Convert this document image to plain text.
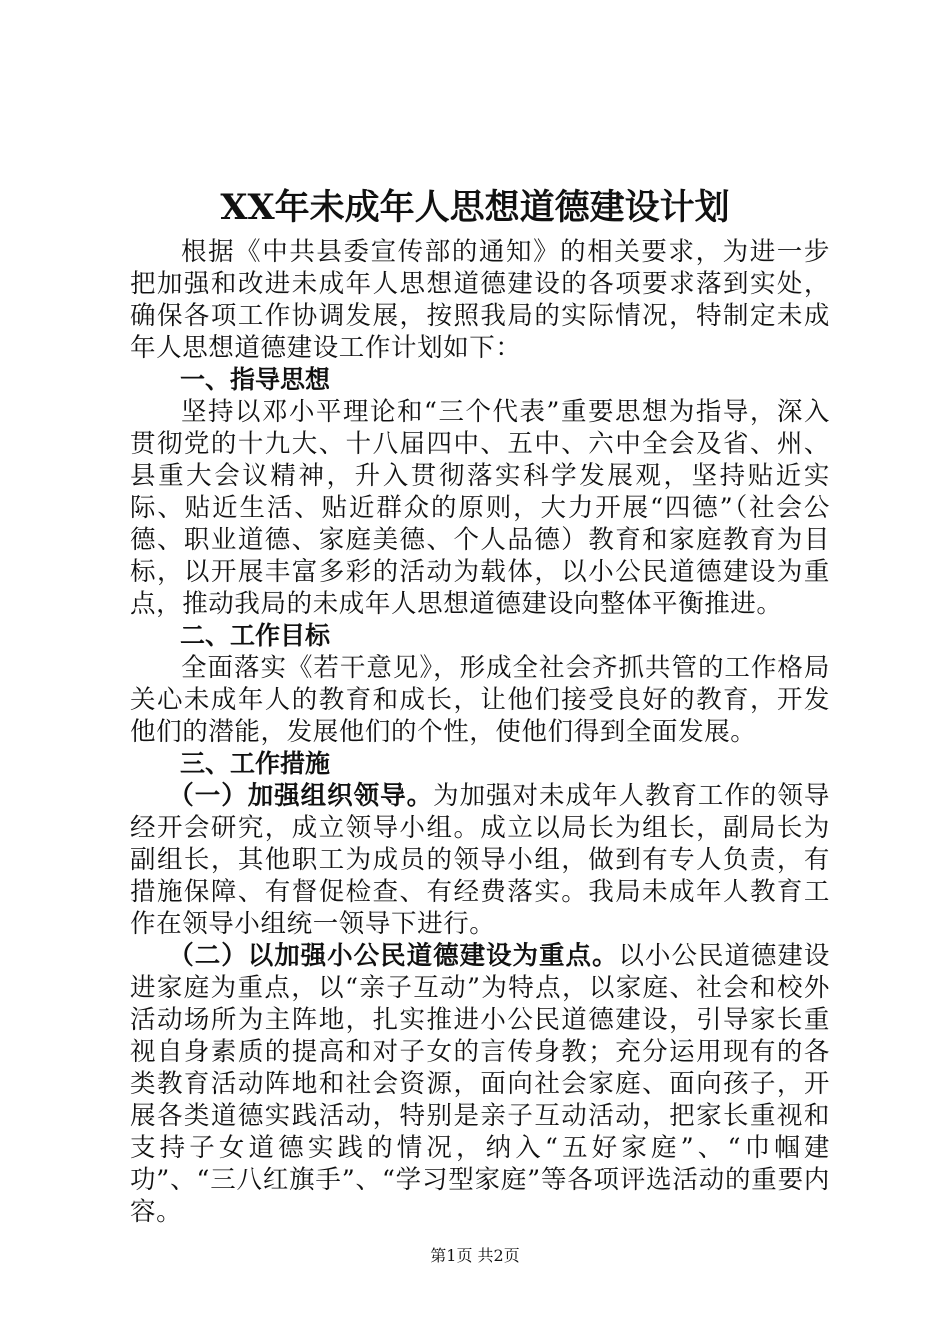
XX年未成年人思想道德建设计划

根据《中共县委宣传部的通知》的相关要求，为进一步把加强和改进未成年人思想道德建设的各项要求落到实处，确保各项工作协调发展，按照我局的实际情况，特制定未成年人思想道德建设工作计划如下：

一、指导思想

坚持以邓小平理论和“三个代表”重要思想为指导，深入贯彻党的十九大、十八届四中、五中、六中全会及省、州、县重大会议精神，升入贯彻落实科学发展观，坚持贴近实际、贴近生活、贴近群众的原则，大力开展“四德”（社会公德、职业道德、家庭美德、个人品德）教育和家庭教育为目标，以开展丰富多彩的活动为载体，以小公民道德建设为重点，推动我局的未成年人思想道德建设向整体平衡推进。

二、工作目标

全面落实《若干意见》，形成全社会齐抓共管的工作格局关心未成年人的教育和成长，让他们接受良好的教育，开发他们的潜能，发展他们的个性，使他们得到全面发展。

三、工作措施

（一）加强组织领导。为加强对未成年人教育工作的领导经开会研究，成立领导小组。成立以局长为组长，副局长为副组长，其他职工为成员的领导小组，做到有专人负责，有措施保障、有督促检查、有经费落实。我局未成年人教育工作在领导小组统一领导下进行。

（二）以加强小公民道德建设为重点。以小公民道德建设进家庭为重点，以“亲子互动”为特点，以家庭、社会和校外活动场所为主阵地，扎实推进小公民道德建设，引导家长重视自身素质的提高和对子女的言传身教；充分运用现有的各类教育活动阵地和社会资源，面向社会家庭、面向孩子，开展各类道德实践活动，特别是亲子互动活动，把家长重视和支持子女道德实践的情况，纳入“五好家庭”、“巾帼建功”、“三八红旗手”、“学习型家庭”等各项评选活动的重要内容。

第1页 共2页
